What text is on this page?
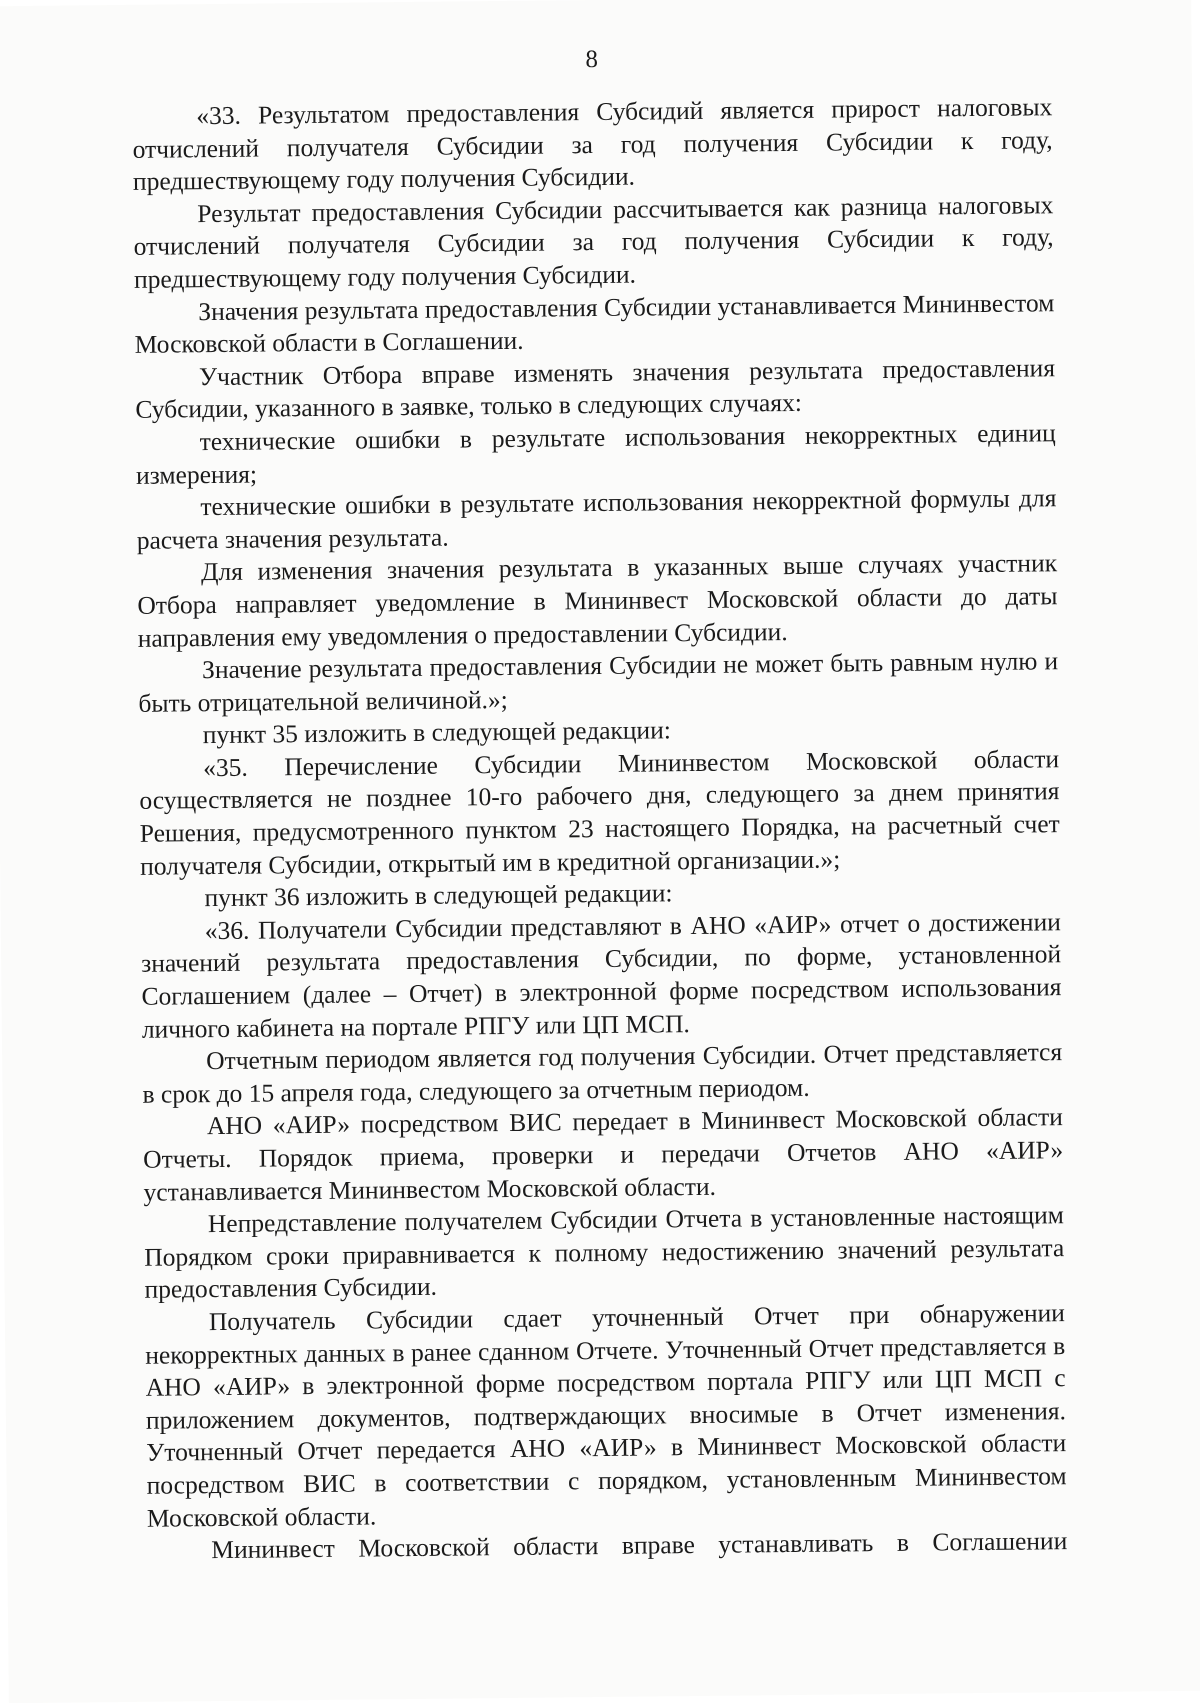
8

«33. Результатом предоставления Субсидий является прирост налоговых отчислений получателя Субсидии за год получения Субсидии к году, предшествующему году получения Субсидии.

Результат предоставления Субсидии рассчитывается как разница налоговых отчислений получателя Субсидии за год получения Субсидии к году, предшествующему году получения Субсидии.

Значения результата предоставления Субсидии устанавливается Мининвестом Московской области в Соглашении.

Участник Отбора вправе изменять значения результата предоставления Субсидии, указанного в заявке, только в следующих случаях:

технические ошибки в результате использования некорректных единиц измерения;

технические ошибки в результате использования некорректной формулы для расчета значения результата.

Для изменения значения результата в указанных выше случаях участник Отбора направляет уведомление в Мининвест Московской области до даты направления ему уведомления о предоставлении Субсидии.

Значение результата предоставления Субсидии не может быть равным нулю и быть отрицательной величиной.»;

пункт 35 изложить в следующей редакции:

«35. Перечисление Субсидии Мининвестом Московской области осуществляется не позднее 10-го рабочего дня, следующего за днем принятия Решения, предусмотренного пунктом 23 настоящего Порядка, на расчетный счет получателя Субсидии, открытый им в кредитной организации.»;

пункт 36 изложить в следующей редакции:

«36. Получатели Субсидии представляют в АНО «АИР» отчет о достижении значений результата предоставления Субсидии, по форме, установленной Соглашением (далее – Отчет) в электронной форме посредством использования личного кабинета на портале РПГУ или ЦП МСП.

Отчетным периодом является год получения Субсидии. Отчет представляется в срок до 15 апреля года, следующего за отчетным периодом.

АНО «АИР» посредством ВИС передает в Мининвест Московской области Отчеты. Порядок приема, проверки и передачи Отчетов АНО «АИР» устанавливается Мининвестом Московской области.

Непредставление получателем Субсидии Отчета в установленные настоящим Порядком сроки приравнивается к полному недостижению значений результата предоставления Субсидии.

Получатель Субсидии сдает уточненный Отчет при обнаружении некорректных данных в ранее сданном Отчете. Уточненный Отчет представляется в АНО «АИР» в электронной форме посредством портала РПГУ или ЦП МСП с приложением документов, подтверждающих вносимые в Отчет изменения. Уточненный Отчет передается АНО «АИР» в Мининвест Московской области посредством ВИС в соответствии с порядком, установленным Мининвестом Московской области.

Мининвест Московской области вправе устанавливать в Соглашении
